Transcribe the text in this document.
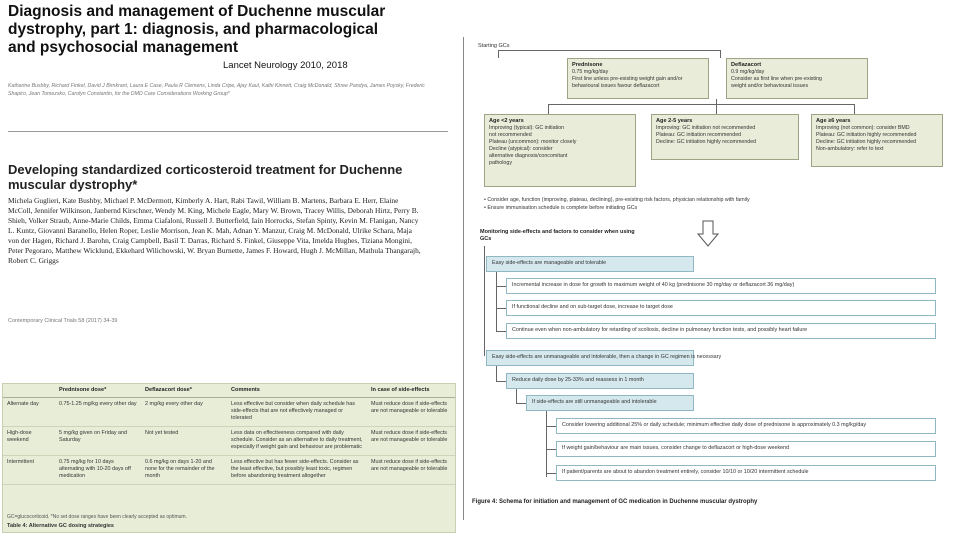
Diagnosis and management of Duchenne muscular dystrophy, part 1: diagnosis, and pharmacological and psychosocial management
Lancet Neurology 2010, 2018
Katharine Bushby, Richard Finkel, David J Birnkrant, Laura E Case, Paula R Clemens, Linda Cripe, Ajay Kaul, Kathi Kinnett, Craig McDonald, Shree Pandya, James Poysky, Frederic Shapiro, Jean Tomezsko, Carolyn Constantin, for the DMD Care Considerations Working Group*
Developing standardized corticosteroid treatment for Duchenne muscular dystrophy*
Michela Guglieri, Kate Bushby, Michael P. McDermott, Kimberly A. Hart, Rabi Tawil, William B. Martens, Barbara E. Herr, Elaine McColl, Jennifer Wilkinson, Janbernd Kirschner, Wendy M. King, Michele Eagle, Mary W. Brown, Tracey Willis, Deborah Hirtz, Perry B. Shieh, Volker Straub, Anne-Marie Childs, Emma Ciafaloni, Russell J. Butterfield, Iain Horrocks, Stefan Spinty, Kevin M. Flanigan, Nancy L. Kuntz, Giovanni Baranello, Helen Roper, Leslie Morrison, Jean K. Mah, Adnan Y. Manzur, Craig M. McDonald, Ulrike Schara, Maja von der Hagen, Richard J. Barohn, Craig Campbell, Basil T. Darras, Richard S. Finkel, Giuseppe Vita, Imelda Hughes, Tiziana Mongini, Peter Pegoraro, Matthew Wicklund, Ekkehard Wilichowski, W. Bryan Burnette, James F. Howard, Hugh J. McMillan, Mathula Thangarajh, Robert C. Griggs
Contemporary Clinical Trials 58 (2017) 34-39
	Prednisone dose*	Deflazacort dose*	Comments	In case of side-effects
Alternate day	0.75-1.25 mg/kg every other day	2 mg/kg every other day	Less effective but consider when daily schedule has side-effects that are not effectively managed or tolerated	Must reduce dose if side-effects are not manageable or tolerable
High-dose weekend	5 mg/kg given on Friday and Saturday	Not yet tested	Less data on effectiveness compared with daily schedule. Consider as an alternative to daily treatment, especially if weight gain and behaviour are problematic	Must reduce dose if side-effects are not manageable or tolerable
Intermittent	0.75 mg/kg for 10 days alternating with 10-20 days off medication	0.6 mg/kg on days 1-20 and none for the remainder of the month	Less effective but has fewer side-effects. Consider as the least effective, but possibly least toxic, regimen before abandoning treatment altogether	Must reduce dose if side-effects are not manageable or tolerable
GC=glucocorticoid. *No set dose ranges have been clearly accepted as optimum.
Table 4: Alternative GC dosing strategies
Starting GCs
Prednisone
0.75 mg/kg/day
First line unless pre-existing weight gain and/or
behavioural issues favour deflazacort
Deflazacort
0.9 mg/kg/day
Consider as first line when pre-existing
weight and/or behavioural issues
Age <2 years
Improving (typical): GC initiation
not recommended
Plateau (uncommon): monitor closely
Decline (atypical): consider
alternative diagnosis/concomitant
pathology
Age 2-5 years
Improving: GC initiation not recommended
Plateau: GC initiation recommended
Decline: GC initiation highly recommended
Age ≥6 years
Improving (not common): consider BMD
Plateau: GC initiation highly recommended
Decline: GC initiation highly recommended
Non-ambulatory: refer to text
• Consider age, function (improving, plateau, declining), pre-existing risk factors, physician relationship with family
• Ensure immunisation schedule is complete before initiating GCs
Monitoring side-effects and factors to consider when using GCs
Easy side-effects are manageable and tolerable
Incremental increase in dose for growth to maximum weight of 40 kg (prednisone 30 mg/day or deflazacort 36 mg/day)
If functional decline and on sub-target dose, increase to target dose
Continue even when non-ambulatory for retarding of scoliosis, decline in pulmonary function tests, and possibly heart failure
Easy side-effects are unmanageable and intolerable, then a change in GC regimen is necessary
Reduce daily dose by 25-33% and reassess in 1 month
If side-effects are still unmanageable and intolerable
Consider lowering additional 25% or daily schedule; minimum effective daily dose of prednisone is approximately 0.3 mg/kg/day
If weight gain/behaviour are main issues, consider change to deflazacort or high-dose weekend
If patient/parents are about to abandon treatment entirely, consider 10/10 or 10/20 intermittent schedule
Figure 4: Schema for initiation and management of GC medication in Duchenne muscular dystrophy
